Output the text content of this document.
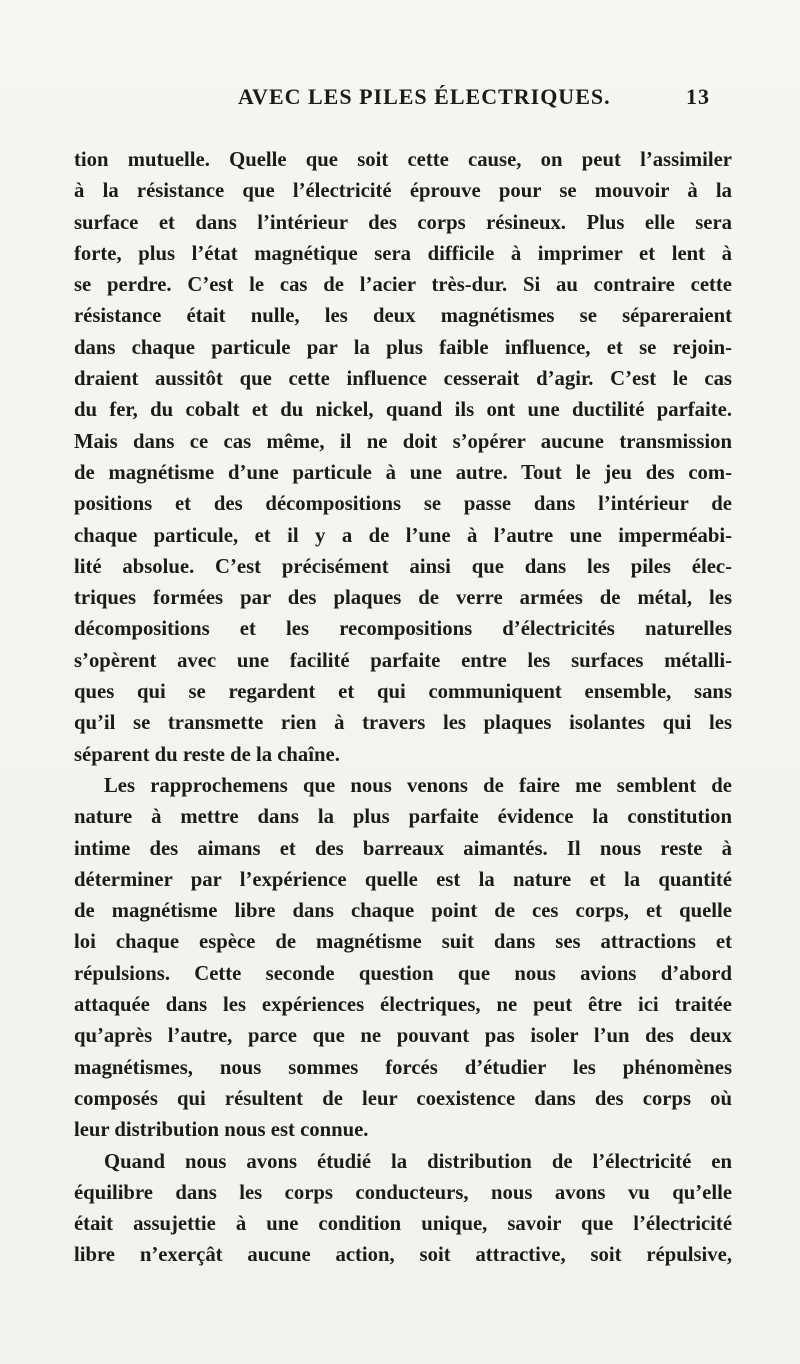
AVEC LES PILES ÉLECTRIQUES.	13
tion mutuelle. Quelle que soit cette cause, on peut l’assimiler
à la résistance que l’électricité éprouve pour se mouvoir à la
surface et dans l’intérieur des corps résineux. Plus elle sera
forte, plus l’état magnétique sera difficile à imprimer et lent à
se perdre. C’est le cas de l’acier très-dur. Si au contraire cette
résistance était nulle, les deux magnétismes se sépareraient
dans chaque particule par la plus faible influence, et se rejoin-
draient aussitôt que cette influence cesserait d’agir. C’est le cas
du fer, du cobalt et du nickel, quand ils ont une ductilité parfaite.
Mais dans ce cas même, il ne doit s’opérer aucune transmission
de magnétisme d’une particule à une autre. Tout le jeu des com-
positions et des décompositions se passe dans l’intérieur de
chaque particule, et il y a de l’une à l’autre une imperméabi-
lité absolue. C’est précisément ainsi que dans les piles élec-
triques formées par des plaques de verre armées de métal, les
décompositions et les recompositions d’électricités naturelles
s’opèrent avec une facilité parfaite entre les surfaces métalli-
ques qui se regardent et qui communiquent ensemble, sans
qu’il se transmette rien à travers les plaques isolantes qui les
séparent du reste de la chaîne.
Les rapprochemens que nous venons de faire me semblent de
nature à mettre dans la plus parfaite évidence la constitution
intime des aimans et des barreaux aimantés. Il nous reste à
déterminer par l’expérience quelle est la nature et la quantité
de magnétisme libre dans chaque point de ces corps, et quelle
loi chaque espèce de magnétisme suit dans ses attractions et
répulsions. Cette seconde question que nous avions d’abord
attaquée dans les expériences électriques, ne peut être ici traitée
qu’après l’autre, parce que ne pouvant pas isoler l’un des deux
magnétismes, nous sommes forcés d’étudier les phénomènes
composés qui résultent de leur coexistence dans des corps où
leur distribution nous est connue.
Quand nous avons étudié la distribution de l’électricité en
équilibre dans les corps conducteurs, nous avons vu qu’elle
était assujettie à une condition unique, savoir que l’électricité
libre n’exerçât aucune action, soit attractive, soit répulsive,
